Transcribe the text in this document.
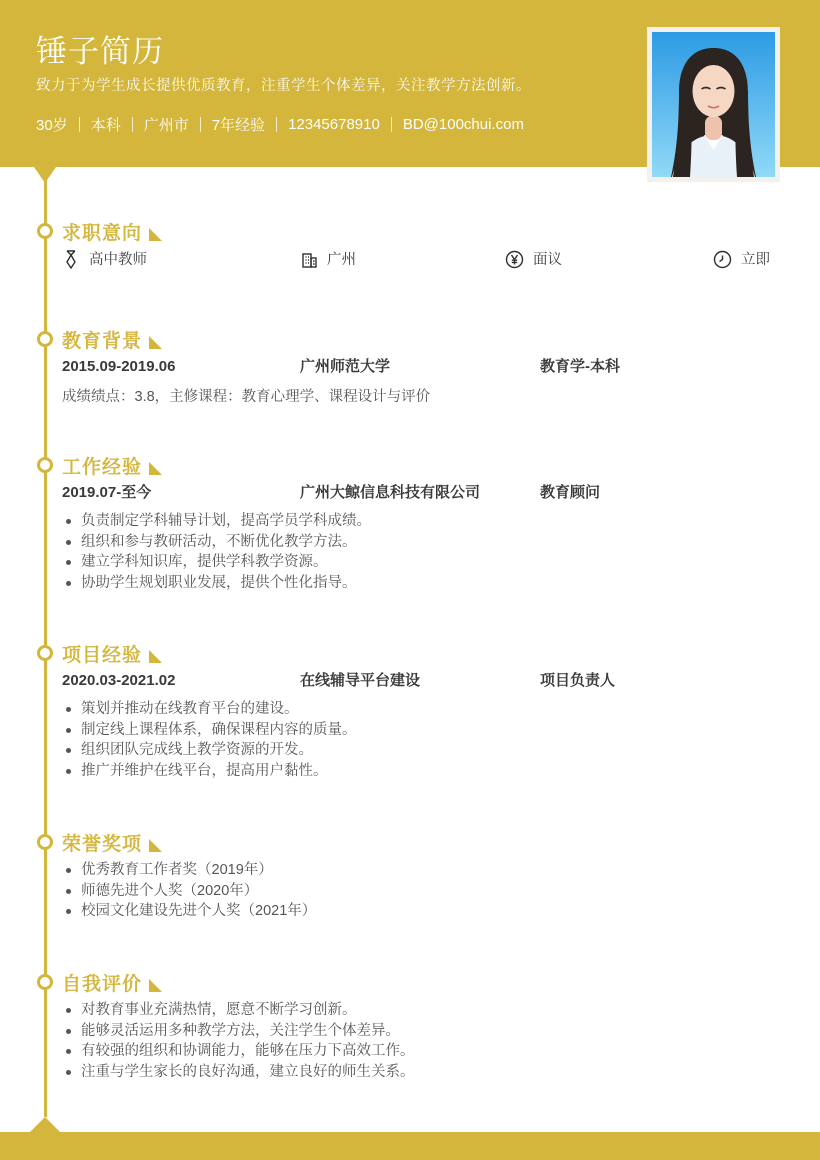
锤子简历

致力于为学生成长提供优质教育，注重学生个体差异，关注教学方法创新。

30岁 本科 广州市 7年经验 12345678910 BD@100chui.com
求职意向
高中教师	广州	面议	立即
教育背景
2015.09-2019.06	广州师范大学	教育学-本科

成绩绩点：3.8，主修课程：教育心理学、课程设计与评价

工作经验
2019.07-至今	广州大鲸信息科技有限公司	教育顾问
负责制定学科辅导计划，提高学员学科成绩。
组织和参与教研活动，不断优化教学方法。
建立学科知识库，提供学科教学资源。
协助学生规划职业发展，提供个性化指导。
项目经验
2020.03-2021.02	在线辅导平台建设	项目负责人
策划并推动在线教育平台的建设。
制定线上课程体系，确保课程内容的质量。
组织团队完成线上教学资源的开发。
推广并维护在线平台，提高用户黏性。
荣誉奖项
优秀教育工作者奖（2019年）
师德先进个人奖（2020年）
校园文化建设先进个人奖（2021年）
自我评价
对教育事业充满热情，愿意不断学习创新。
能够灵活运用多种教学方法，关注学生个体差异。
有较强的组织和协调能力，能够在压力下高效工作。
注重与学生家长的良好沟通，建立良好的师生关系。
